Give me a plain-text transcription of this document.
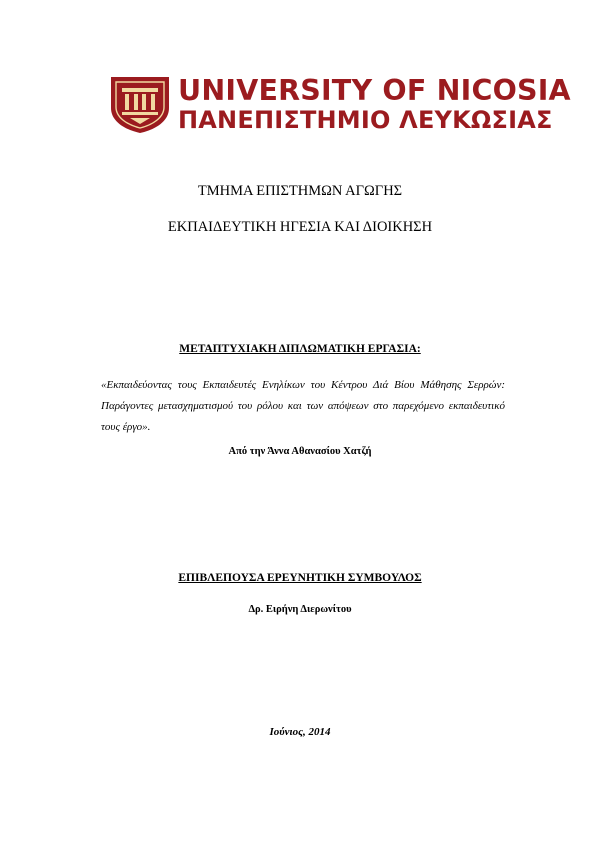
UNIVERSITY OF NICOSIA
ΠΑΝΕΠΙΣΤΗΜΙΟ ΛΕΥΚΩΣΙΑΣ
ΤΜΗΜΑ ΕΠΙΣΤΗΜΩΝ ΑΓΩΓΗΣ
ΕΚΠΑΙΔΕΥΤΙΚΗ ΗΓΕΣΙΑ ΚΑΙ ΔΙΟΙΚΗΣΗ
ΜΕΤΑΠΤΥΧΙΑΚΗ ΔΙΠΛΩΜΑΤΙΚΗ ΕΡΓΑΣΙΑ:
«Εκπαιδεύοντας τους Εκπαιδευτές Ενηλίκων του Κέντρου Διά Βίου Μάθησης Σερρών: Παράγοντες μετασχηματισμού του ρόλου και των απόψεων στο παρεχόμενο εκπαιδευτικό τους έργο».
Από την Άννα Αθανασίου Χατζή
ΕΠΙΒΛΕΠΟΥΣΑ ΕΡΕΥΝΗΤΙΚΗ ΣΥΜΒΟΥΛΟΣ
Δρ. Ειρήνη Διερωνίτου
Ιούνιος, 2014
